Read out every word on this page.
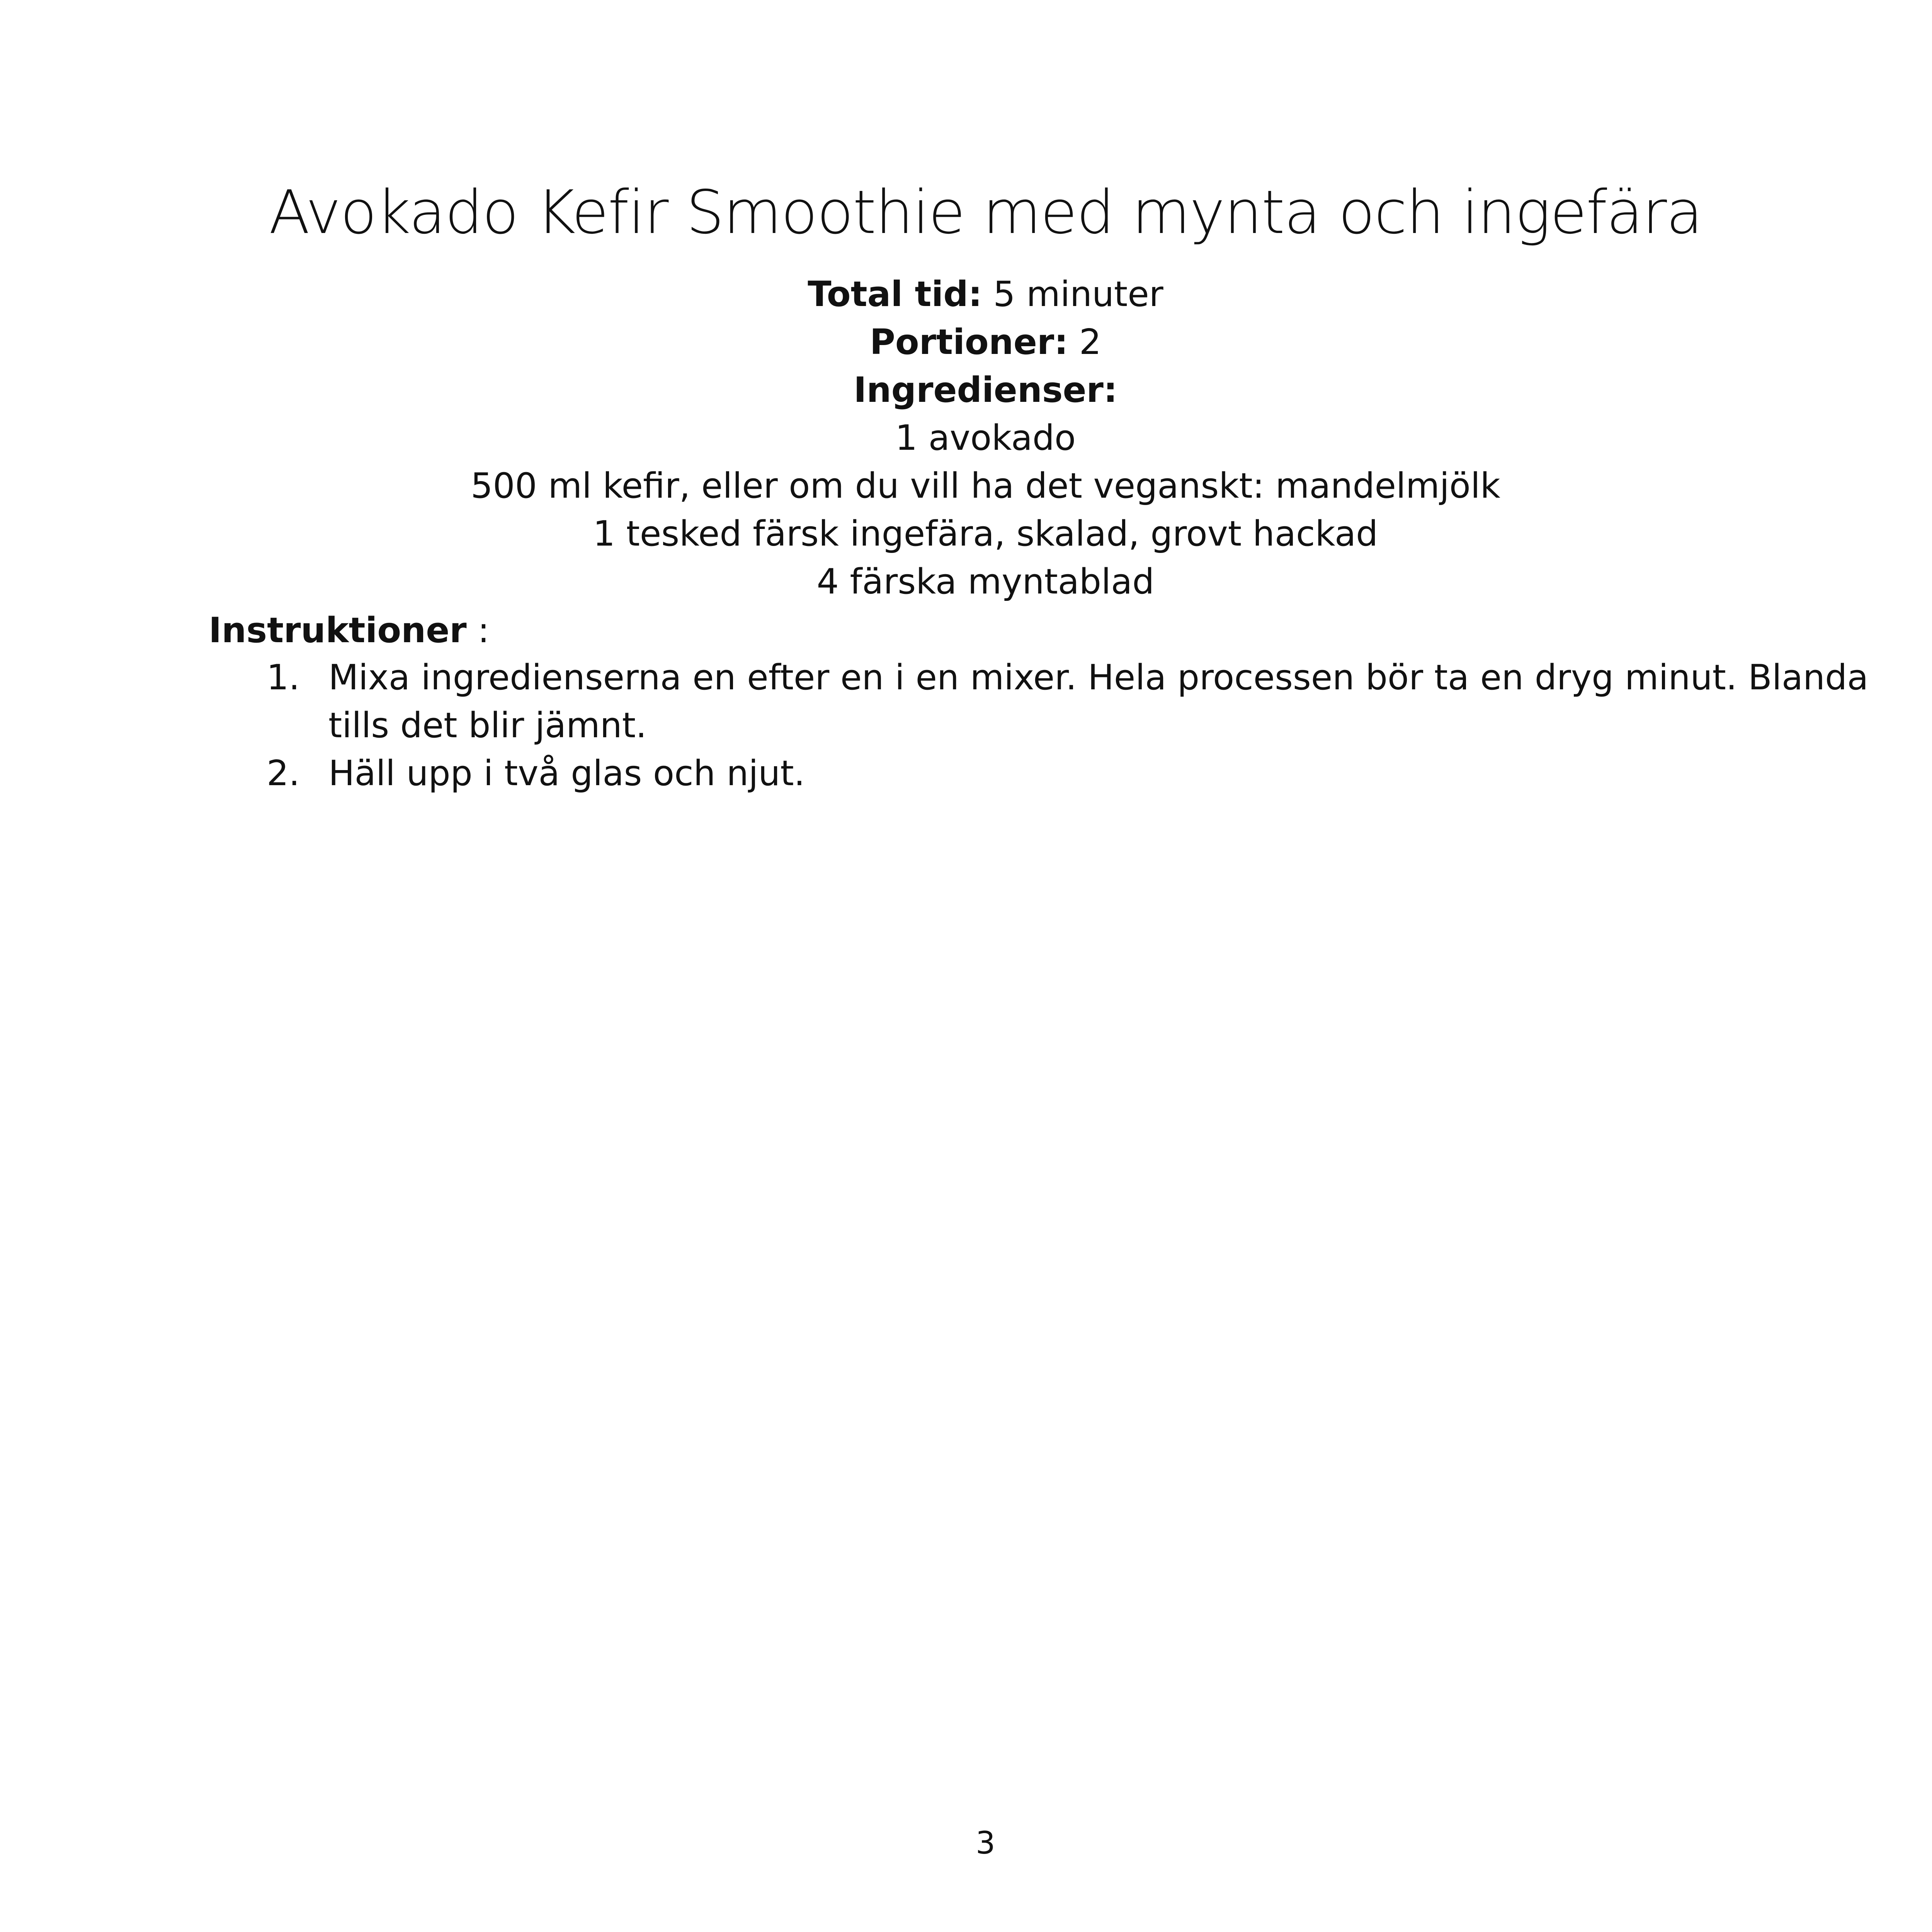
Avokado Kefir Smoothie med mynta och ingefära
Total tid: 5 minuter
Portioner: 2
Ingredienser:
1 avokado
500 ml kefir, eller om du vill ha det veganskt: mandelmjölk
1 tesked färsk ingefära, skalad, grovt hackad
4 färska myntablad
Instruktioner :
1. Mixa ingredienserna en efter en i en mixer. Hela processen bör ta en dryg minut. Blanda tills det blir jämnt.
2. Häll upp i två glas och njut.
3
